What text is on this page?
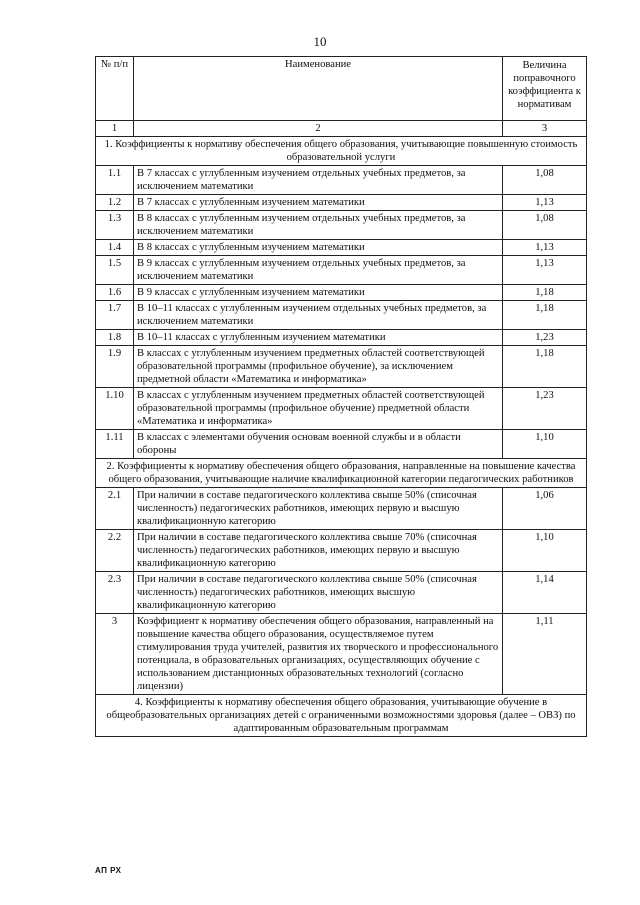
10
№ п/п	Наименование	Величина поправочного коэффициента к нормативам
1	2	3
1. Коэффициенты к нормативу обеспечения общего образования, учитывающие повышенную стоимость образовательной услуги		
1.1	В 7 классах с углубленным изучением отдельных учебных предметов, за исключением математики	1,08
1.2	В 7 классах с углубленным изучением математики	1,13
1.3	В 8 классах с углубленным изучением отдельных учебных предметов, за исключением математики	1,08
1.4	В 8 классах с углубленным изучением математики	1,13
1.5	В 9 классах с углубленным изучением отдельных учебных предметов, за исключением математики	1,13
1.6	В 9 классах с углубленным изучением математики	1,18
1.7	В 10–11 классах с углубленным изучением отдельных учебных предметов, за исключением математики	1,18
1.8	В 10–11 классах с углубленным изучением математики	1,23
1.9	В классах с углубленным изучением предметных областей соответствующей образовательной программы (профильное обучение), за исключением предметной области «Математика и информатика»	1,18
1.10	В классах с углубленным изучением предметных областей соответствующей образовательной программы (профильное обучение) предметной области «Математика и информатика»	1,23
1.11	В классах с элементами обучения основам военной службы и в области обороны	1,10
2. Коэффициенты к нормативу обеспечения общего образования, направленные на повышение качества общего образования, учитывающие наличие квалификационной категории педагогических работников		
2.1	При наличии в составе педагогического коллектива свыше 50% (списочная численность) педагогических работников, имеющих первую и высшую квалификационную категорию	1,06
2.2	При наличии в составе педагогического коллектива свыше 70% (списочная численность) педагогических работников, имеющих первую и высшую квалификационную категорию	1,10
2.3	При наличии в составе педагогического коллектива свыше 50% (списочная численность) педагогических работников, имеющих высшую квалификационную категорию	1,14
3	Коэффициент к нормативу обеспечения общего образования, направленный на повышение качества общего образования, осуществляемое путем стимулирования труда учителей, развития их творческого и профессионального потенциала, в образовательных организациях, осуществляющих обучение с использованием дистанционных образовательных технологий (согласно лицензии)	1,11
4. Коэффициенты к нормативу обеспечения общего образования, учитывающие обучение в общеобразовательных организациях детей с ограниченными возможностями здоровья (далее – ОВЗ) по адаптированным образовательным программам		
АП РХ
